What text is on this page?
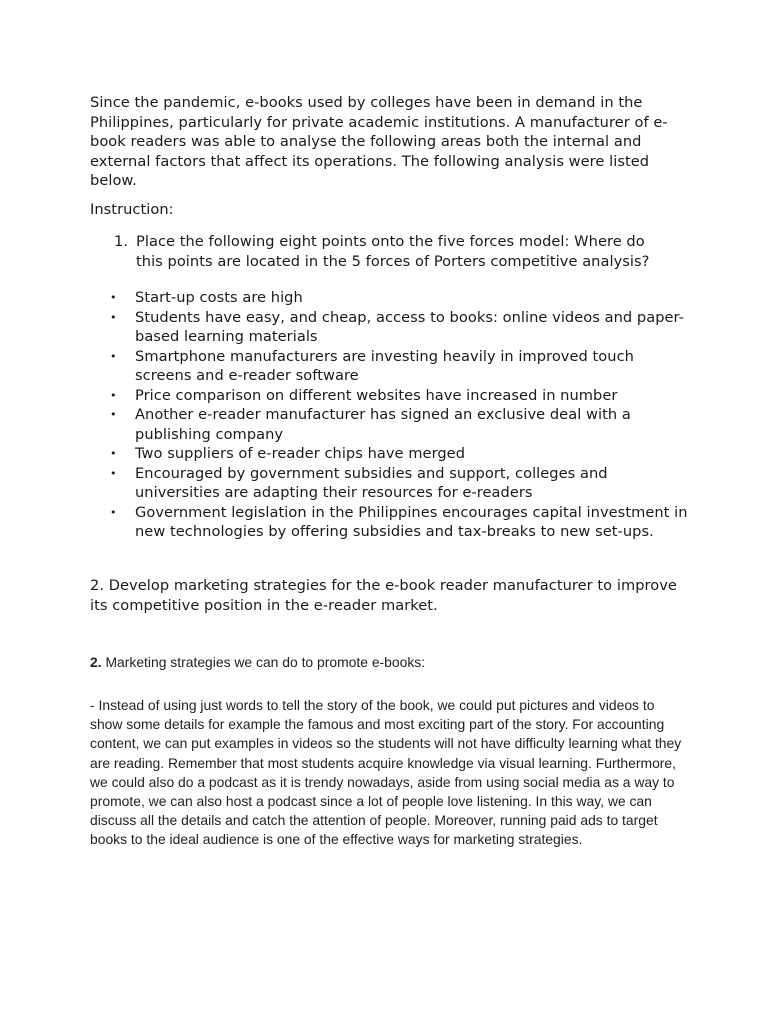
Since the pandemic, e-books used by colleges have been in demand in the Philippines, particularly for private academic institutions. A manufacturer of e-book readers was able to analyse the following areas both the internal and external factors that affect its operations. The following analysis were listed below.
Instruction:
1. Place the following eight points onto the five forces model: Where do this points are located in the 5 forces of Porters competitive analysis?
• Start-up costs are high
• Students have easy, and cheap, access to books: online videos and paper-based learning materials
• Smartphone manufacturers are investing heavily in improved touch screens and e-reader software
• Price comparison on different websites have increased in number
• Another e-reader manufacturer has signed an exclusive deal with a publishing company
• Two suppliers of e-reader chips have merged
• Encouraged by government subsidies and support, colleges and universities are adapting their resources for e-readers
• Government legislation in the Philippines encourages capital investment in new technologies by offering subsidies and tax-breaks to new set-ups.
2. Develop marketing strategies for the e-book reader manufacturer to improve its competitive position in the e-reader market.
2. Marketing strategies we can do to promote e-books:
- Instead of using just words to tell the story of the book, we could put pictures and videos to show some details for example the famous and most exciting part of the story. For accounting content, we can put examples in videos so the students will not have difficulty learning what they are reading. Remember that most students acquire knowledge via visual learning. Furthermore, we could also do a podcast as it is trendy nowadays, aside from using social media as a way to promote, we can also host a podcast since a lot of people love listening. In this way, we can discuss all the details and catch the attention of people. Moreover, running paid ads to target books to the ideal audience is one of the effective ways for marketing strategies.
